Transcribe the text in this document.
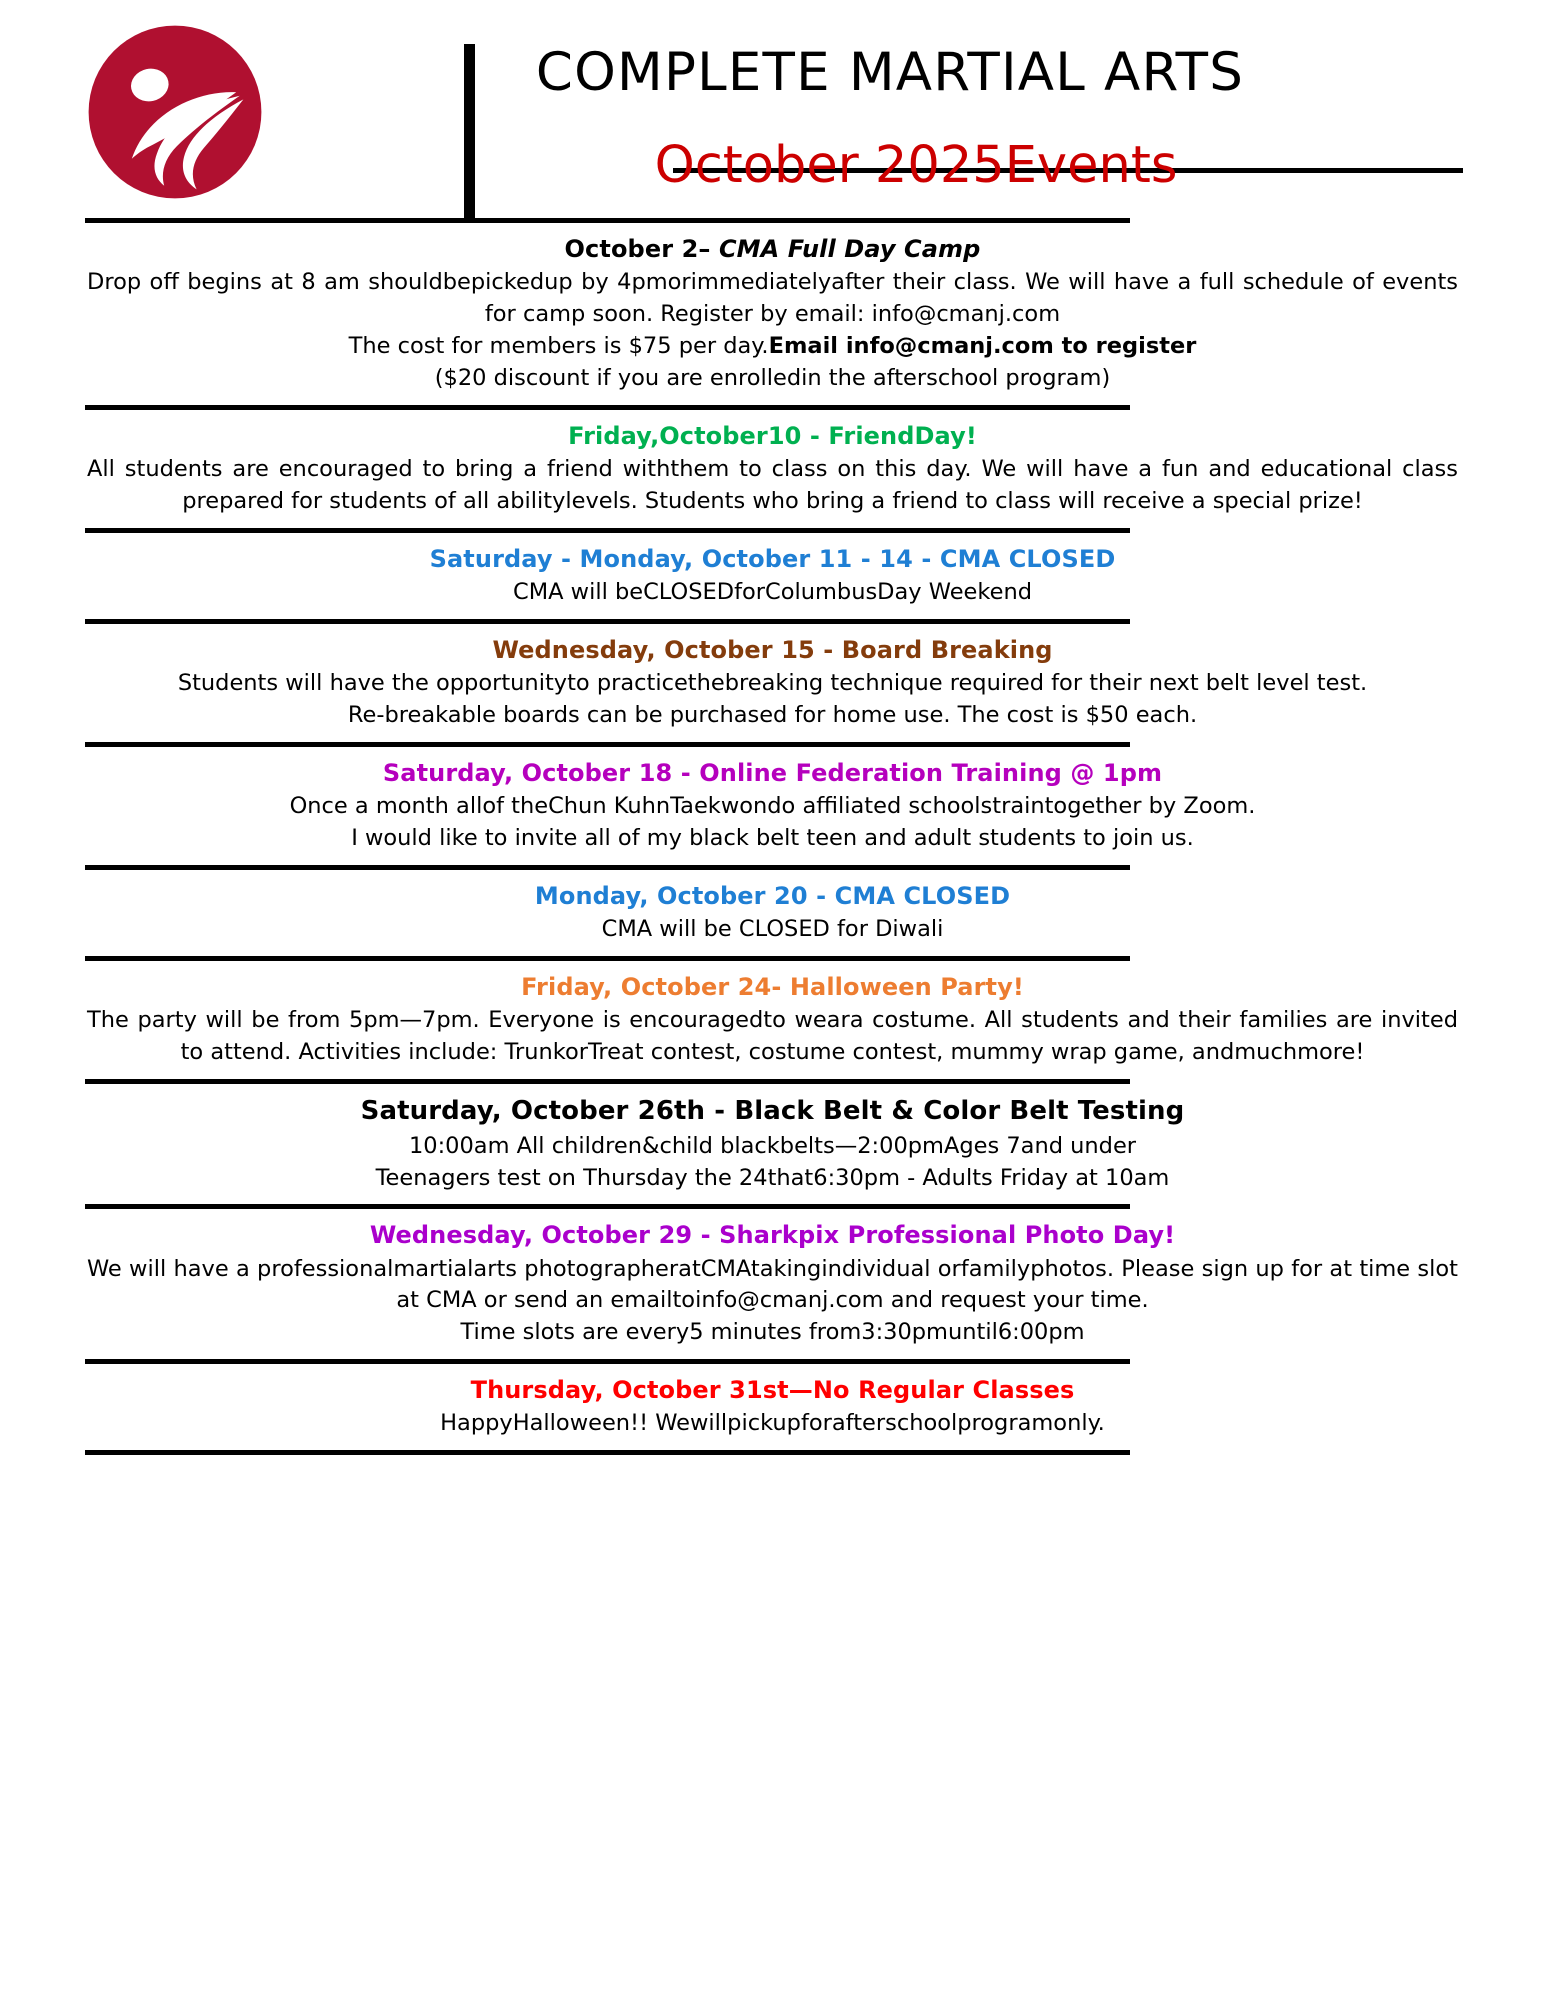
COMPLETE MARTIAL ARTS
October 2025Events
October 2– CMA Full Day Camp
Drop off begins at 8 am shouldbepickedup by 4pmorimmediatelyafter their class. We will have a full schedule of events for camp soon. Register by email: info@cmanj.com
The cost for members is $75 per day.Email info@cmanj.com to register
($20 discount if you are enrolledin the afterschool program)
Friday,October10 - FriendDay!
All students are encouraged to bring a friend withthem to class on this day. We will have a fun and educational class prepared for students of all abilitylevels. Students who bring a friend to class will receive a special prize!
Saturday - Monday, October 11 - 14 - CMA CLOSED
CMA will beCLOSEDforColumbusDay Weekend
Wednesday, October 15 - Board Breaking
Students will have the opportunityto practicethebreaking technique required for their next belt level test.
Re-breakable boards can be purchased for home use. The cost is $50 each.
Saturday, October 18 - Online Federation Training @ 1pm
Once a month allof theChun KuhnTaekwondo affiliated schoolstraintogether by Zoom.
I would like to invite all of my black belt teen and adult students to join us.
Monday, October 20 - CMA CLOSED
CMA will be CLOSED for Diwali
Friday, October 24- Halloween Party!
The party will be from 5pm—7pm. Everyone is encouragedto weara costume. All students and their families are invited to attend. Activities include: TrunkorTreat contest, costume contest, mummy wrap game, andmuchmore!
Saturday, October 26th - Black Belt & Color Belt Testing
10:00am All children&child blackbelts—2:00pmAges 7and under
Teenagers test on Thursday the 24that6:30pm - Adults Friday at 10am
Wednesday, October 29 - Sharkpix Professional Photo Day!
We will have a professionalmartialarts photographeratCMAtakingindividual orfamilyphotos. Please sign up for at time slot at CMA or send an emailtoinfo@cmanj.com and request your time.
Time slots are every5 minutes from3:30pmuntil6:00pm
Thursday, October 31st—No Regular Classes
HappyHalloween!! Wewillpickupforafterschoolprogramonly.
